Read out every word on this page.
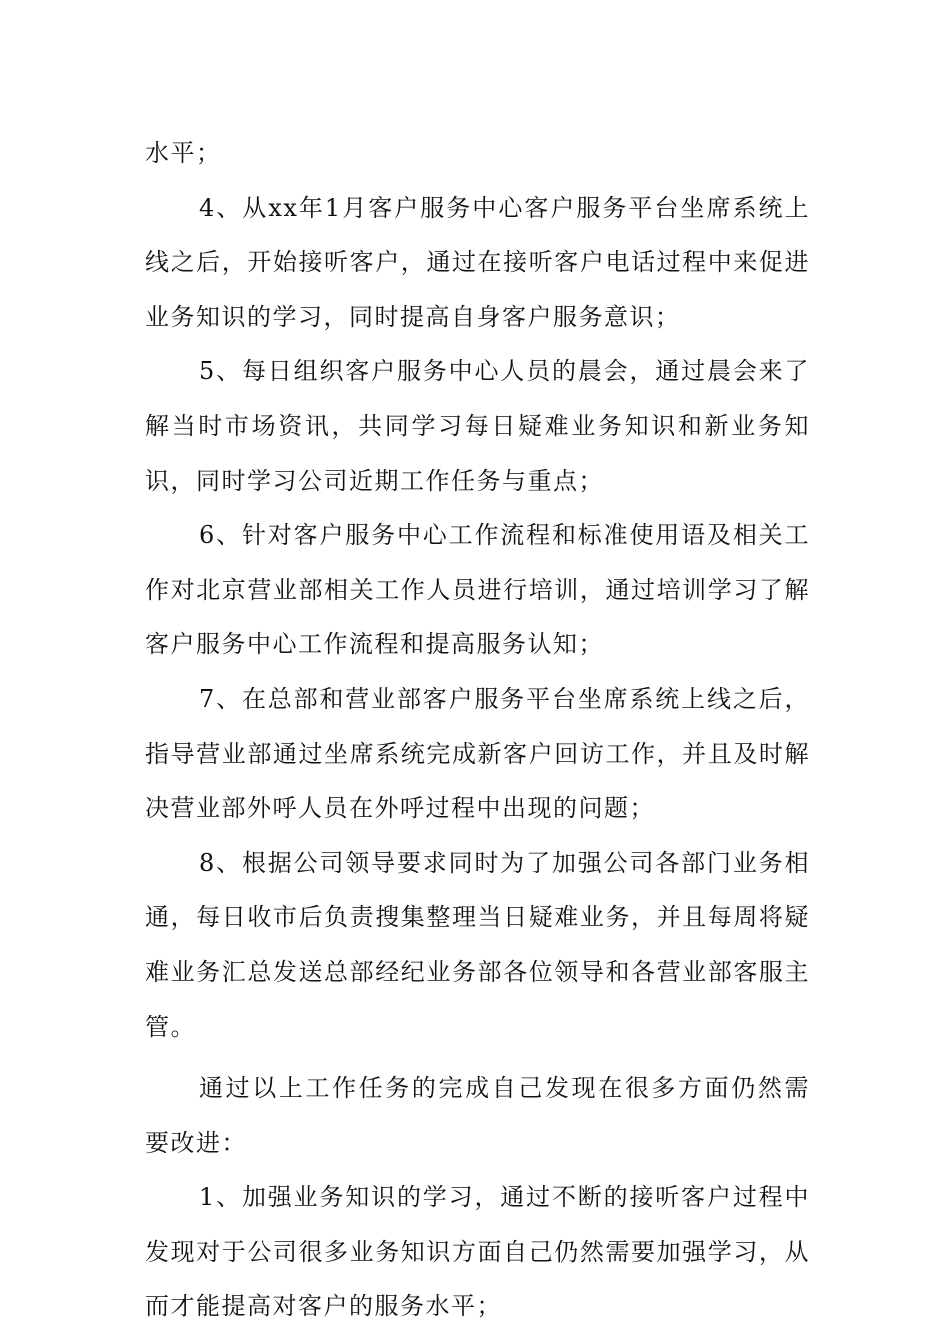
水平；

4、从xx年1月客户服务中心客户服务平台坐席系统上线之后，开始接听客户，通过在接听客户电话过程中来促进业务知识的学习，同时提高自身客户服务意识；

5、每日组织客户服务中心人员的晨会，通过晨会来了解当时市场资讯，共同学习每日疑难业务知识和新业务知识，同时学习公司近期工作任务与重点；

6、针对客户服务中心工作流程和标准使用语及相关工作对北京营业部相关工作人员进行培训，通过培训学习了解客户服务中心工作流程和提高服务认知；

7、在总部和营业部客户服务平台坐席系统上线之后，指导营业部通过坐席系统完成新客户回访工作，并且及时解决营业部外呼人员在外呼过程中出现的问题；

8、根据公司领导要求同时为了加强公司各部门业务相通，每日收市后负责搜集整理当日疑难业务，并且每周将疑难业务汇总发送总部经纪业务部各位领导和各营业部客服主管。

通过以上工作任务的完成自己发现在很多方面仍然需要改进：

1、加强业务知识的学习，通过不断的接听客户过程中发现对于公司很多业务知识方面自己仍然需要加强学习，从而才能提高对客户的服务水平；
